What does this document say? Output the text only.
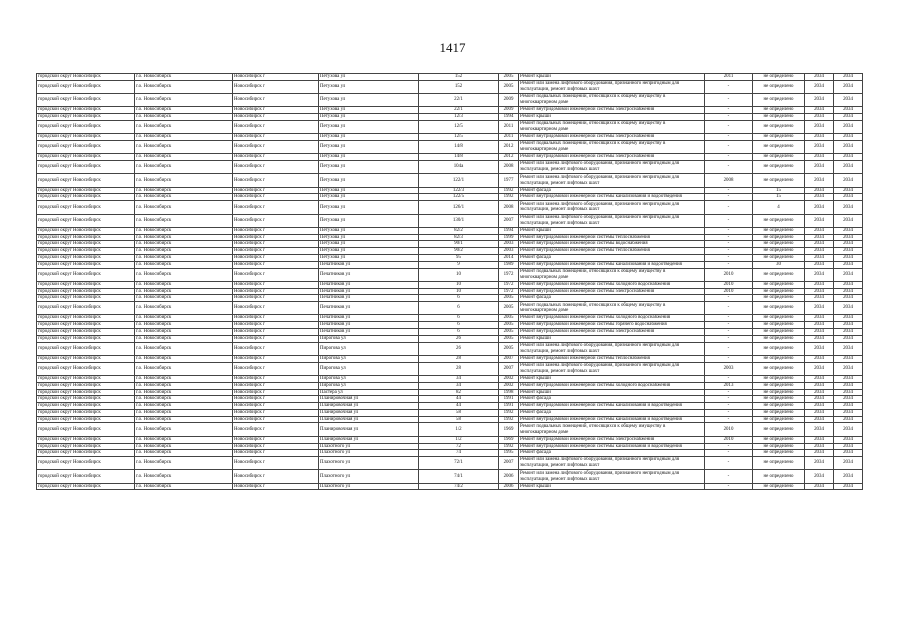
1417
городской округ Новосибирск	г.о. Новосибирск	Новосибирск г	Петухова ул	152	2005	Ремонт крыши	2011	не определено	2034	2034
городской округ Новосибирск	г.о. Новосибирск	Новосибирск г	Петухова ул	152	2005	Ремонт или замена лифтового оборудования, признанного непригодным для эксплуатации, ремонт лифтовых шахт	-	не определено	2034	2034
городской округ Новосибирск	г.о. Новосибирск	Новосибирск г	Петухова ул	22/1	2009	Ремонт подвальных помещений, относящихся к общему имуществу в многоквартирном доме	-	не определено	2034	2034
городской округ Новосибирск	г.о. Новосибирск	Новосибирск г	Петухова ул	22/1	2009	Ремонт внутридомовой инженерной системы электроснабжения	-	не определено	2034	2034
городской округ Новосибирск	г.о. Новосибирск	Новосибирск г	Петухова ул	12/3	1994	Ремонт крыши	-	не определено	2034	2034
городской округ Новосибирск	г.о. Новосибирск	Новосибирск г	Петухова ул	12/5	2011	Ремонт подвальных помещений, относящихся к общему имуществу в многоквартирном доме	-	не определено	2034	2034
городской округ Новосибирск	г.о. Новосибирск	Новосибирск г	Петухова ул	12/5	2011	Ремонт внутридомовой инженерной системы электроснабжения	-	не определено	2034	2034
городской округ Новосибирск	г.о. Новосибирск	Новосибирск г	Петухова ул	14/8	2012	Ремонт подвальных помещений, относящихся к общему имуществу в многоквартирном доме	-	не определено	2034	2034
городской округ Новосибирск	г.о. Новосибирск	Новосибирск г	Петухова ул	14/8	2012	Ремонт внутридомовой инженерной системы электроснабжения	-	не определено	2034	2034
городской округ Новосибирск	г.о. Новосибирск	Новосибирск г	Петухова ул	104а	2008	Ремонт или замена лифтового оборудования, признанного непригодным для эксплуатации, ремонт лифтовых шахт	-	не определено	2034	2034
городской округ Новосибирск	г.о. Новосибирск	Новосибирск г	Петухова ул	122/1	1977	Ремонт или замена лифтового оборудования, признанного непригодным для эксплуатации, ремонт лифтовых шахт	2008	не определено	2034	2034
городской округ Новосибирск	г.о. Новосибирск	Новосибирск г	Петухова ул	122/3	1992	Ремонт фасада	-	15	2034	2034
городской округ Новосибирск	г.о. Новосибирск	Новосибирск г	Петухова ул	122/5	1992	Ремонт внутридомовой инженерной системы канализования и водоотведения	-	15	2034	2034
городской округ Новосибирск	г.о. Новосибирск	Новосибирск г	Петухова ул	126/1	2008	Ремонт или замена лифтового оборудования, признанного непригодным для эксплуатации, ремонт лифтовых шахт	-	4	2034	2034
городской округ Новосибирск	г.о. Новосибирск	Новосибирск г	Петухова ул	130/1	2007	Ремонт или замена лифтового оборудования, признанного непригодным для эксплуатации, ремонт лифтовых шахт	-	не определено	2034	2034
городской округ Новосибирск	г.о. Новосибирск	Новосибирск г	Петухова ул	82/2	1994	Ремонт крыши	-	не определено	2034	2034
городской округ Новосибирск	г.о. Новосибирск	Новосибирск г	Петухова ул	82/3	1999	Ремонт внутридомовой инженерной системы теплоснабжения	-	не определено	2034	2034
городской округ Новосибирск	г.о. Новосибирск	Новосибирск г	Петухова ул	90/1	2003	Ремонт внутридомовой инженерной системы водоснабжения	-	не определено	2034	2034
городской округ Новосибирск	г.о. Новосибирск	Новосибирск г	Петухова ул	90/2	2003	Ремонт внутридомовой инженерной системы теплоснабжения	-	не определено	2034	2034
городской округ Новосибирск	г.о. Новосибирск	Новосибирск г	Петухова ул	95	2014	Ремонт фасада	-	не определено	2034	2034
городской округ Новосибирск	г.о. Новосибирск	Новосибирск г	Печатников ул	9	1989	Ремонт внутридомовой инженерной системы канализования и водоотведения	-	30	2034	2034
городской округ Новосибирск	г.о. Новосибирск	Новосибирск г	Печатников ул	10	1972	Ремонт подвальных помещений, относящихся к общему имуществу в многоквартирном доме	2010	не определено	2034	2034
городской округ Новосибирск	г.о. Новосибирск	Новосибирск г	Печатников ул	10	1972	Ремонт внутридомовой инженерной системы холодного водоснабжения	2010	не определено	2034	2034
городской округ Новосибирск	г.о. Новосибирск	Новосибирск г	Печатников ул	10	1972	Ремонт внутридомовой инженерной системы электроснабжения	2010	не определено	2034	2034
городской округ Новосибирск	г.о. Новосибирск	Новосибирск г	Печатников ул	6	2005	Ремонт фасада	-	не определено	2034	2034
городской округ Новосибирск	г.о. Новосибирск	Новосибирск г	Печатников ул	6	2005	Ремонт подвальных помещений, относящихся к общему имуществу в многоквартирном доме	-	не определено	2034	2034
городской округ Новосибирск	г.о. Новосибирск	Новосибирск г	Печатников ул	6	2005	Ремонт внутридомовой инженерной системы холодного водоснабжения	-	не определено	2034	2034
городской округ Новосибирск	г.о. Новосибирск	Новосибирск г	Печатников ул	6	2005	Ремонт внутридомовой инженерной системы горячего водоснабжения	-	не определено	2034	2034
городской округ Новосибирск	г.о. Новосибирск	Новосибирск г	Печатников ул	6	2005	Ремонт внутридомовой инженерной системы электроснабжения	-	не определено	2034	2034
городской округ Новосибирск	г.о. Новосибирск	Новосибирск г	Пирогова ул	26	2005	Ремонт крыши	-	не определено	2034	2034
городской округ Новосибирск	г.о. Новосибирск	Новосибирск г	Пирогова ул	26	2005	Ремонт или замена лифтового оборудования, признанного непригодным для эксплуатации, ремонт лифтовых шахт	-	не определено	2034	2034
городской округ Новосибирск	г.о. Новосибирск	Новосибирск г	Пирогова ул	28	2007	Ремонт внутридомовой инженерной системы теплоснабжения	-	не определено	2034	2034
городской округ Новосибирск	г.о. Новосибирск	Новосибирск г	Пирогова ул	28	2007	Ремонт или замена лифтового оборудования, признанного непригодным для эксплуатации, ремонт лифтовых шахт	2003	не определено	2034	2034
городской округ Новосибирск	г.о. Новосибирск	Новосибирск г	Пирогова ул	34	2002	Ремонт крыши	-	не определено	2034	2034
городской округ Новосибирск	г.о. Новосибирск	Новосибирск г	Пирогова ул	34	2002	Ремонт внутридомовой инженерной системы холодного водоснабжения	2013	не определено	2034	2034
городской округ Новосибирск	г.о. Новосибирск	Новосибирск г	Пастера ул	82	1998	Ремонт крыши	-	не определено	2034	2034
городской округ Новосибирск	г.о. Новосибирск	Новосибирск г	Планировочная ул	44	1991	Ремонт фасада	-	не определено	2034	2034
городской округ Новосибирск	г.о. Новосибирск	Новосибирск г	Планировочная ул	44	1991	Ремонт внутридомовой инженерной системы канализования и водоотведения	-	не определено	2034	2034
городской округ Новосибирск	г.о. Новосибирск	Новосибирск г	Планировочная ул	58	1992	Ремонт фасада	-	не определено	2034	2034
городской округ Новосибирск	г.о. Новосибирск	Новосибирск г	Планировочная ул	58	1992	Ремонт внутридомовой инженерной системы канализования и водоотведения	-	не определено	2034	2034
городской округ Новосибирск	г.о. Новосибирск	Новосибирск г	Планировочная ул	1/2	1969	Ремонт подвальных помещений, относящихся к общему имуществу в многоквартирном доме	2010	не определено	2034	2034
городской округ Новосибирск	г.о. Новосибирск	Новосибирск г	Планировочная ул	1/2	1969	Ремонт внутридомовой инженерной системы электроснабжения	2010	не определено	2034	2034
городской округ Новосибирск	г.о. Новосибирск	Новосибирск г	Плахотного ул	72	1992	Ремонт внутридомовой инженерной системы канализования и водоотведения	-	не определено	2034	2034
городской округ Новосибирск	г.о. Новосибирск	Новосибирск г	Плахотного ул	74	1995	Ремонт фасада	-	не определено	2034	2034
городской округ Новосибирск	г.о. Новосибирск	Новосибирск г	Плахотного ул	72/1	2007	Ремонт или замена лифтового оборудования, признанного непригодным для эксплуатации, ремонт лифтовых шахт	-	не определено	2034	2034
городской округ Новосибирск	г.о. Новосибирск	Новосибирск г	Плахотного ул	74/1	2006	Ремонт или замена лифтового оборудования, признанного непригодным для эксплуатации, ремонт лифтовых шахт	-	не определено	2034	2034
городской округ Новосибирск	г.о. Новосибирск	Новосибирск г	Плахотного ул	74/2	2006	Ремонт крыши	-	не определено	2034	2034
